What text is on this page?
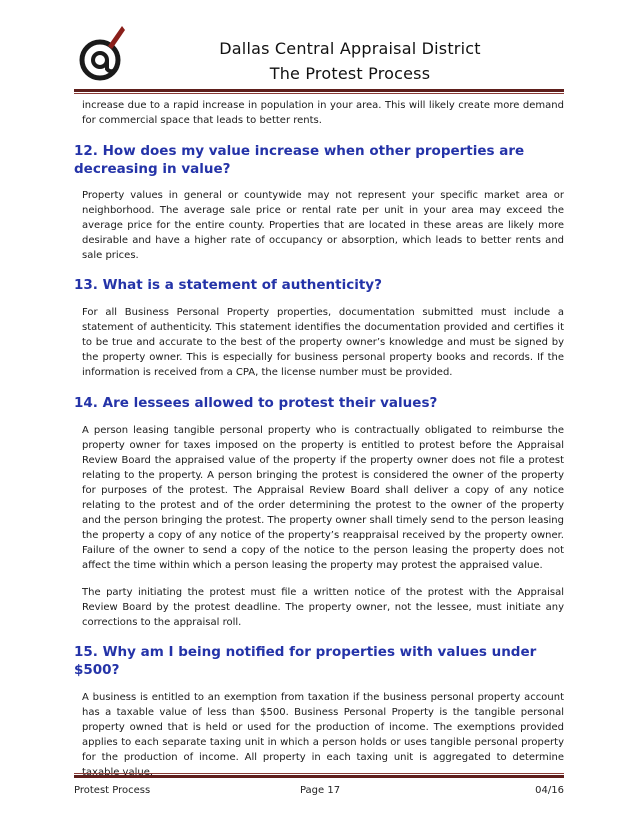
Dallas Central Appraisal District
The Protest Process

increase due to a rapid increase in population in your area. This will likely create more demand for commercial space that leads to better rents.

12. How does my value increase when other properties are decreasing in value?

Property values in general or countywide may not represent your specific market area or neighborhood. The average sale price or rental rate per unit in your area may exceed the average price for the entire county. Properties that are located in these areas are likely more desirable and have a higher rate of occupancy or absorption, which leads to better rents and sale prices.

13. What is a statement of authenticity?

For all Business Personal Property properties, documentation submitted must include a statement of authenticity. This statement identifies the documentation provided and certifies it to be true and accurate to the best of the property owner’s knowledge and must be signed by the property owner. This is especially for business personal property books and records. If the information is received from a CPA, the license number must be provided.

14. Are lessees allowed to protest their values?

A person leasing tangible personal property who is contractually obligated to reimburse the property owner for taxes imposed on the property is entitled to protest before the Appraisal Review Board the appraised value of the property if the property owner does not file a protest relating to the property. A person bringing the protest is considered the owner of the property for purposes of the protest. The Appraisal Review Board shall deliver a copy of any notice relating to the protest and of the order determining the protest to the owner of the property and the person bringing the protest. The property owner shall timely send to the person leasing the property a copy of any notice of the property’s reappraisal received by the property owner. Failure of the owner to send a copy of the notice to the person leasing the property does not affect the time within which a person leasing the property may protest the appraised value.

The party initiating the protest must file a written notice of the protest with the Appraisal Review Board by the protest deadline. The property owner, not the lessee, must initiate any corrections to the appraisal roll.

15. Why am I being notified for properties with values under $500?

A business is entitled to an exemption from taxation if the business personal property account has a taxable value of less than $500. Business Personal Property is the tangible personal property owned that is held or used for the production of income. The exemptions provided applies to each separate taxing unit in which a person holds or uses tangible personal property for the production of income. All property in each taxing unit is aggregated to determine

Protest Process	Page 17	04/16
